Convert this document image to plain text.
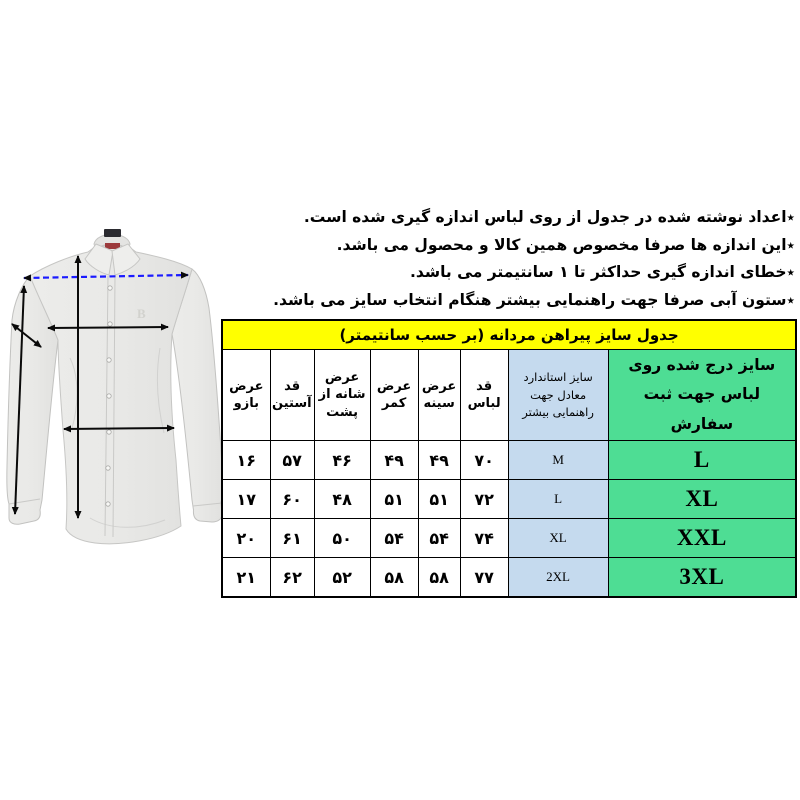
B
٭اعداد نوشته شده در جدول از روی لباس اندازه گیری شده است.
٭این اندازه ها صرفا مخصوص همین کالا و محصول می باشد.
٭خطای اندازه گیری حداکثر تا ۱ سانتیمتر می باشد.
٭ستون آبی صرفا جهت راهنمایی بیشتر هنگام انتخاب سایز می باشد.
جدول سایز پیراهن مردانه (بر حسب سانتیمتر)							
سایز درج شده روی لباس جهت ثبت سفارش	سایز استاندارد معادل جهت راهنمایی بیشتر	قد لباس	عرض سینه	عرض کمر	عرض شانه از پشت	قد آستین	عرض بازو
L	M	۷۰	۴۹	۴۹	۴۶	۵۷	۱۶
XL	L	۷۲	۵۱	۵۱	۴۸	۶۰	۱۷
XXL	XL	۷۴	۵۴	۵۴	۵۰	۶۱	۲۰
3XL	2XL	۷۷	۵۸	۵۸	۵۲	۶۲	۲۱
